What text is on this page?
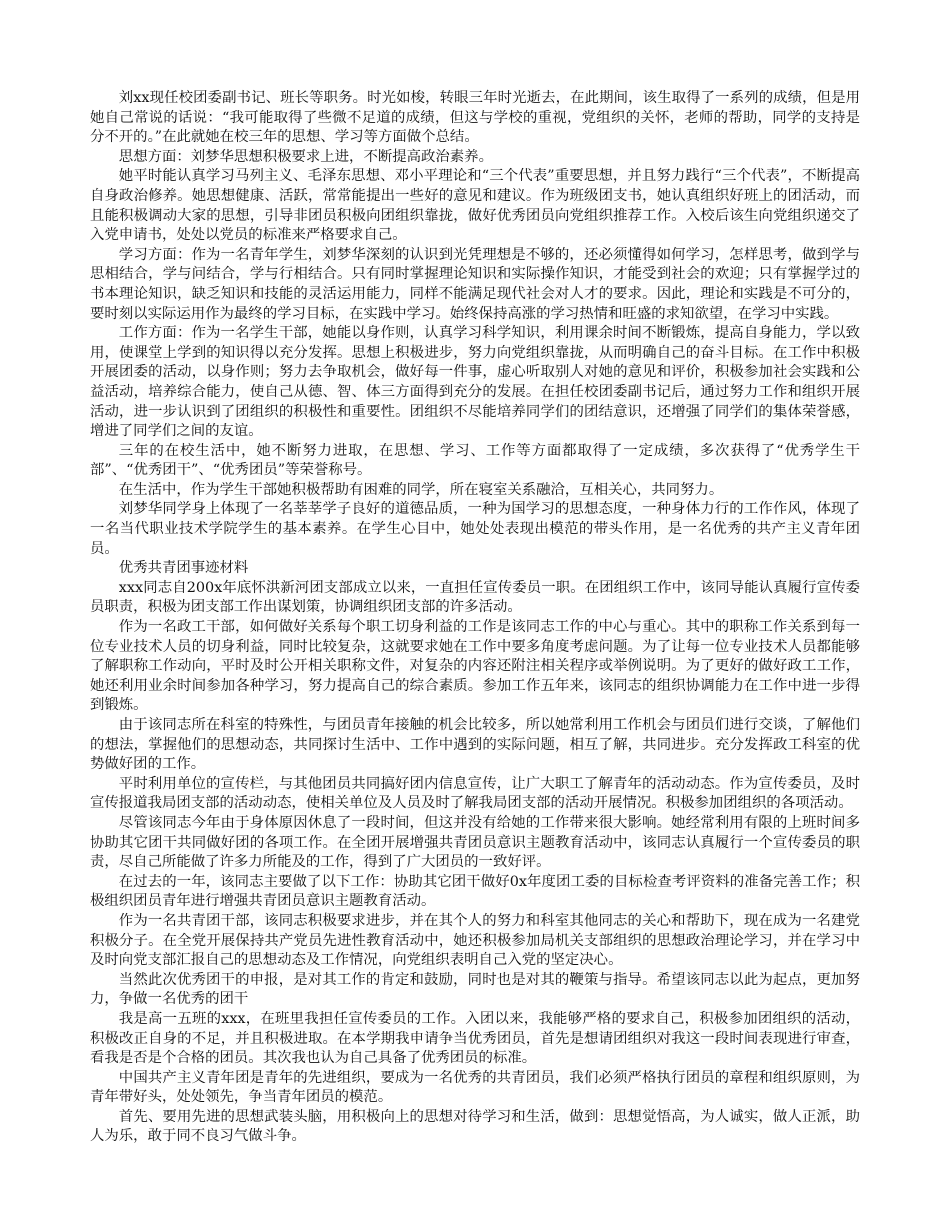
刘xx现任校团委副书记、班长等职务。时光如梭，转眼三年时光逝去，在此期间，该生取得了一系列的成绩，但是用她自己常说的话说：“我可能取得了些微不足道的成绩，但这与学校的重视，党组织的关怀，老师的帮助，同学的支持是分不开的。”在此就她在校三年的思想、学习等方面做个总结。

思想方面：刘梦华思想积极要求上进，不断提高政治素养。

她平时能认真学习马列主义、毛泽东思想、邓小平理论和“三个代表”重要思想，并且努力践行“三个代表”，不断提高自身政治修养。她思想健康、活跃，常常能提出一些好的意见和建议。作为班级团支书，她认真组织好班上的团活动，而且能积极调动大家的思想，引导非团员积极向团组织靠拢，做好优秀团员向党组织推荐工作。入校后该生向党组织递交了入党申请书，处处以党员的标准来严格要求自己。

学习方面：作为一名青年学生，刘梦华深刻的认识到光凭理想是不够的，还必须懂得如何学习，怎样思考，做到学与思相结合，学与问结合，学与行相结合。只有同时掌握理论知识和实际操作知识，才能受到社会的欢迎；只有掌握学过的书本理论知识，缺乏知识和技能的灵活运用能力，同样不能满足现代社会对人才的要求。因此，理论和实践是不可分的，要时刻以实际运用作为最终的学习目标，在实践中学习。始终保持高涨的学习热情和旺盛的求知欲望，在学习中实践。

工作方面：作为一名学生干部，她能以身作则，认真学习科学知识，利用课余时间不断锻炼，提高自身能力，学以致用，使课堂上学到的知识得以充分发挥。思想上积极进步，努力向党组织靠拢，从而明确自己的奋斗目标。在工作中积极开展团委的活动，以身作则；努力去争取机会，做好每一件事，虚心听取别人对她的意见和评价，积极参加社会实践和公益活动，培养综合能力，使自己从德、智、体三方面得到充分的发展。在担任校团委副书记后，通过努力工作和组织开展活动，进一步认识到了团组织的积极性和重要性。团组织不尽能培养同学们的团结意识，还增强了同学们的集体荣誉感，增进了同学们之间的友谊。

三年的在校生活中，她不断努力进取，在思想、学习、工作等方面都取得了一定成绩，多次获得了“优秀学生干部”、“优秀团干”、“优秀团员”等荣誉称号。

在生活中，作为学生干部她积极帮助有困难的同学，所在寝室关系融洽，互相关心，共同努力。

刘梦华同学身上体现了一名莘莘学子良好的道德品质，一种为国学习的思想态度，一种身体力行的工作作风，体现了一名当代职业技术学院学生的基本素养。在学生心目中，她处处表现出模范的带头作用，是一名优秀的共产主义青年团员。

优秀共青团事迹材料

xxx同志自200x年底怀洪新河团支部成立以来，一直担任宣传委员一职。在团组织工作中，该同导能认真履行宣传委员职责，积极为团支部工作出谋划策，协调组织团支部的许多活动。

作为一名政工干部，如何做好关系每个职工切身利益的工作是该同志工作的中心与重心。其中的职称工作关系到每一位专业技术人员的切身利益，同时比较复杂，这就要求她在工作中要多角度考虑问题。为了让每一位专业技术人员都能够了解职称工作动向，平时及时公开相关职称文件，对复杂的内容还附注相关程序或举例说明。为了更好的做好政工工作，她还利用业余时间参加各种学习，努力提高自己的综合素质。参加工作五年来，该同志的组织协调能力在工作中进一步得到锻炼。

由于该同志所在科室的特殊性，与团员青年接触的机会比较多，所以她常利用工作机会与团员们进行交谈，了解他们的想法，掌握他们的思想动态，共同探讨生活中、工作中遇到的实际问题，相互了解，共同进步。充分发挥政工科室的优势做好团的工作。

平时利用单位的宣传栏，与其他团员共同搞好团内信息宣传，让广大职工了解青年的活动动态。作为宣传委员，及时宣传报道我局团支部的活动动态，使相关单位及人员及时了解我局团支部的活动开展情况。积极参加团组织的各项活动。

尽管该同志今年由于身体原因休息了一段时间，但这并没有给她的工作带来很大影响。她经常利用有限的上班时间多协助其它团干共同做好团的各项工作。在全团开展增强共青团员意识主题教育活动中，该同志认真履行一个宣传委员的职责，尽自己所能做了许多力所能及的工作，得到了广大团员的一致好评。

在过去的一年，该同志主要做了以下工作：协助其它团干做好0x年度团工委的目标检查考评资料的准备完善工作；积极组织团员青年进行增强共青团员意识主题教育活动。

作为一名共青团干部，该同志积极要求进步，并在其个人的努力和科室其他同志的关心和帮助下，现在成为一名建党积极分子。在全党开展保持共产党员先进性教育活动中，她还积极参加局机关支部组织的思想政治理论学习，并在学习中及时向党支部汇报自己的思想动态及工作情况，向党组织表明自己入党的坚定决心。

当然此次优秀团干的申报，是对其工作的肯定和鼓励，同时也是对其的鞭策与指导。希望该同志以此为起点，更加努力，争做一名优秀的团干

我是高一五班的xxx，在班里我担任宣传委员的工作。入团以来，我能够严格的要求自己，积极参加团组织的活动，积极改正自身的不足，并且积极进取。在本学期我申请争当优秀团员，首先是想请团组织对我这一段时间表现进行审查，看我是否是个合格的团员。其次我也认为自己具备了优秀团员的标准。

中国共产主义青年团是青年的先进组织，要成为一名优秀的共青团员，我们必须严格执行团员的章程和组织原则，为青年带好头，处处领先，争当青年团员的模范。

首先、要用先进的思想武装头脑，用积极向上的思想对待学习和生活，做到：思想觉悟高，为人诚实，做人正派，助人为乐，敢于同不良习气做斗争。
